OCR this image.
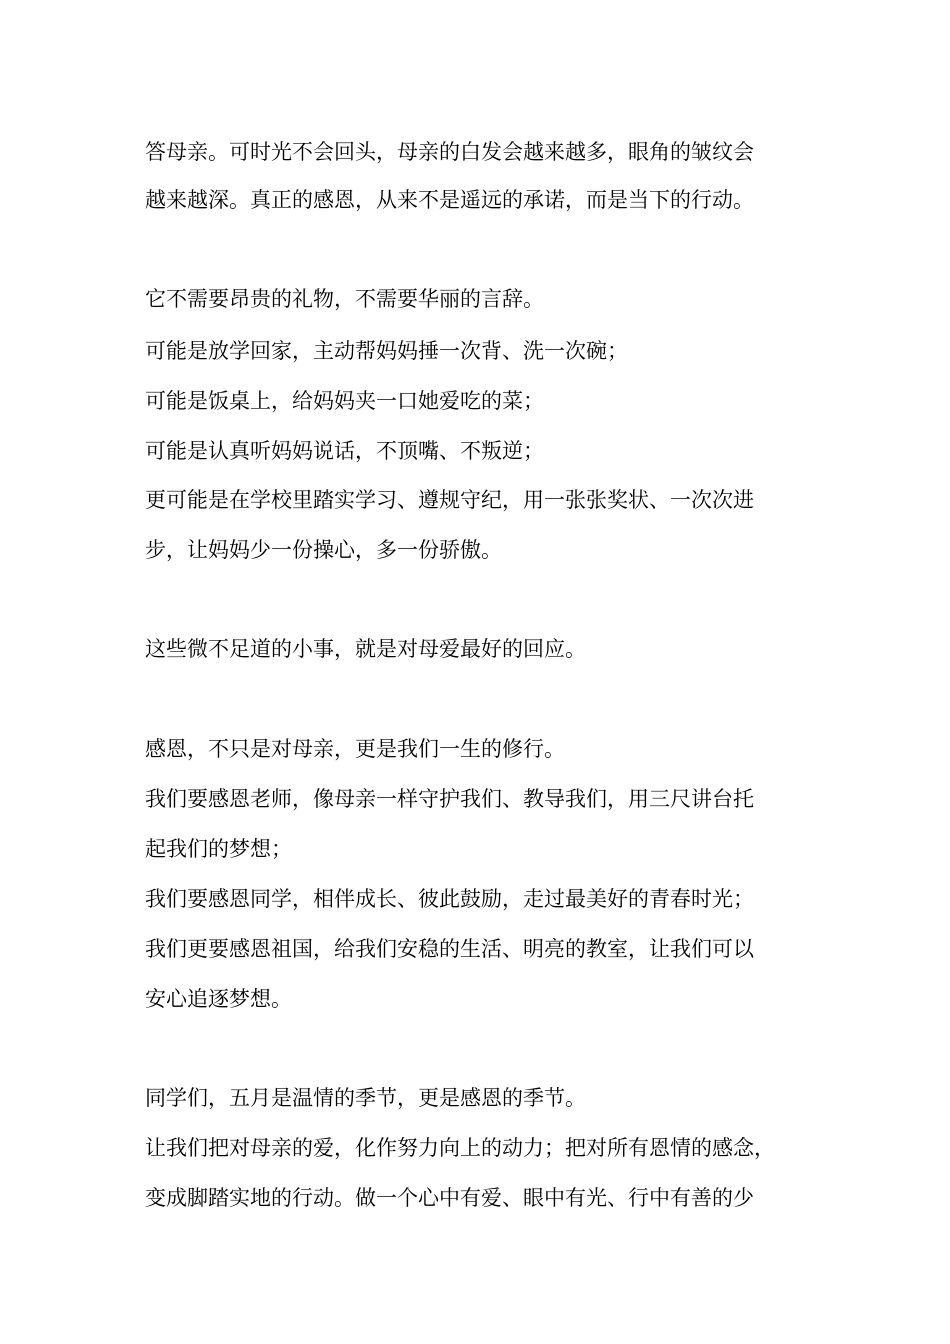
答母亲。可时光不会回头，母亲的白发会越来越多，眼角的皱纹会
越来越深。真正的感恩，从来不是遥远的承诺，而是当下的行动。
它不需要昂贵的礼物，不需要华丽的言辞。
可能是放学回家，主动帮妈妈捶一次背、洗一次碗；
可能是饭桌上，给妈妈夹一口她爱吃的菜；
可能是认真听妈妈说话，不顶嘴、不叛逆；
更可能是在学校里踏实学习、遵规守纪，用一张张奖状、一次次进
步，让妈妈少一份操心，多一份骄傲。
这些微不足道的小事，就是对母爱最好的回应。
感恩，不只是对母亲，更是我们一生的修行。
我们要感恩老师，像母亲一样守护我们、教导我们，用三尺讲台托
起我们的梦想；
我们要感恩同学，相伴成长、彼此鼓励，走过最美好的青春时光；
我们更要感恩祖国，给我们安稳的生活、明亮的教室，让我们可以
安心追逐梦想。
同学们，五月是温情的季节，更是感恩的季节。
让我们把对母亲的爱，化作努力向上的动力；把对所有恩情的感念，
变成脚踏实地的行动。做一个心中有爱、眼中有光、行中有善的少
